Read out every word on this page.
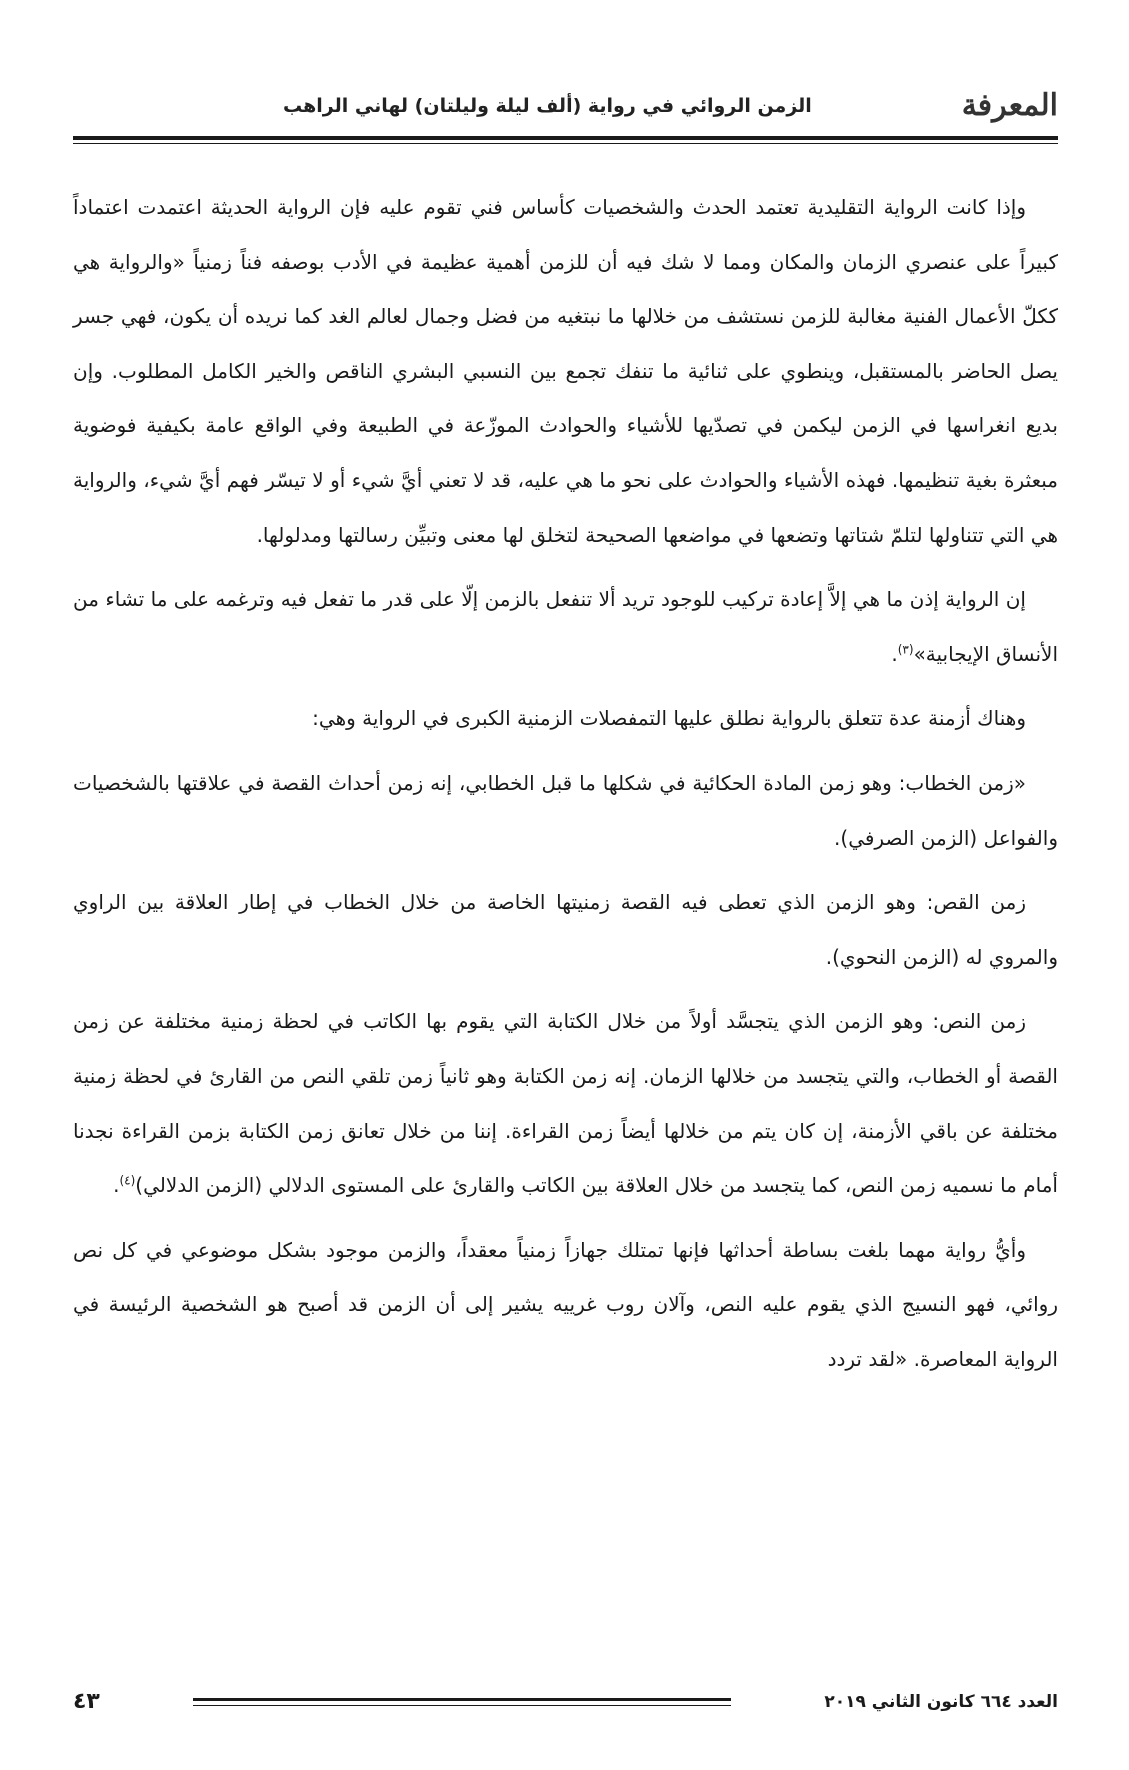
المعرفة
الزمن الروائي في رواية (ألف ليلة وليلتان) لهاني الراهب

وإذا كانت الرواية التقليدية تعتمد الحدث والشخصيات كأساس فني تقوم عليه فإن الرواية الحديثة اعتمدت اعتماداً كبيراً على عنصري الزمان والمكان ومما لا شك فيه أن للزمن أهمية عظيمة في الأدب بوصفه فناً زمنياً «والرواية هي ككلّ الأعمال الفنية مغالبة للزمن نستشف من خلالها ما نبتغيه من فضل وجمال لعالم الغد كما نريده أن يكون، فهي جسر يصل الحاضر بالمستقبل، وينطوي على ثنائية ما تنفك تجمع بين النسبي البشري الناقص والخير الكامل المطلوب. وإن بديع انغراسها في الزمن ليكمن في تصدّيها للأشياء والحوادث الموزّعة في الطبيعة وفي الواقع عامة بكيفية فوضوية مبعثرة بغية تنظيمها. فهذه الأشياء والحوادث على نحو ما هي عليه، قد لا تعني أيَّ شيء أو لا تيسّر فهم أيَّ شيء، والرواية هي التي تتناولها لتلمّ شتاتها وتضعها في مواضعها الصحيحة لتخلق لها معنى وتبيِّن رسالتها ومدلولها.

إن الرواية إذن ما هي إلاَّ إعادة تركيب للوجود تريد ألا تنفعل بالزمن إلّا على قدر ما تفعل فيه وترغمه على ما تشاء من الأنساق الإيجابية»$^{(٣)}$.

وهناك أزمنة عدة تتعلق بالرواية نطلق عليها التمفصلات الزمنية الكبرى في الرواية وهي:

«زمن الخطاب: وهو زمن المادة الحكائية في شكلها ما قبل الخطابي، إنه زمن أحداث القصة في علاقتها بالشخصيات والفواعل (الزمن الصرفي).

زمن القص: وهو الزمن الذي تعطى فيه القصة زمنيتها الخاصة من خلال الخطاب في إطار العلاقة بين الراوي والمروي له (الزمن النحوي).

زمن النص: وهو الزمن الذي يتجسَّد أولاً من خلال الكتابة التي يقوم بها الكاتب في لحظة زمنية مختلفة عن زمن القصة أو الخطاب، والتي يتجسد من خلالها الزمان. إنه زمن الكتابة وهو ثانياً زمن تلقي النص من القارئ في لحظة زمنية مختلفة عن باقي الأزمنة، إن كان يتم من خلالها أيضاً زمن القراءة. إننا من خلال تعانق زمن الكتابة بزمن القراءة نجدنا أمام ما نسميه زمن النص، كما يتجسد من خلال العلاقة بين الكاتب والقارئ على المستوى الدلالي (الزمن الدلالي)$^{(٤)}$.

وأيُّ رواية مهما بلغت بساطة أحداثها فإنها تمتلك جهازاً زمنياً معقداً، والزمن موجود بشكل موضوعي في كل نص روائي، فهو النسيج الذي يقوم عليه النص، وآلان روب غرييه يشير إلى أن الزمن قد أصبح هو الشخصية الرئيسة في الرواية المعاصرة. «لقد تردد

العدد ٦٦٤ كانون الثاني ٢٠١٩
٤٣
